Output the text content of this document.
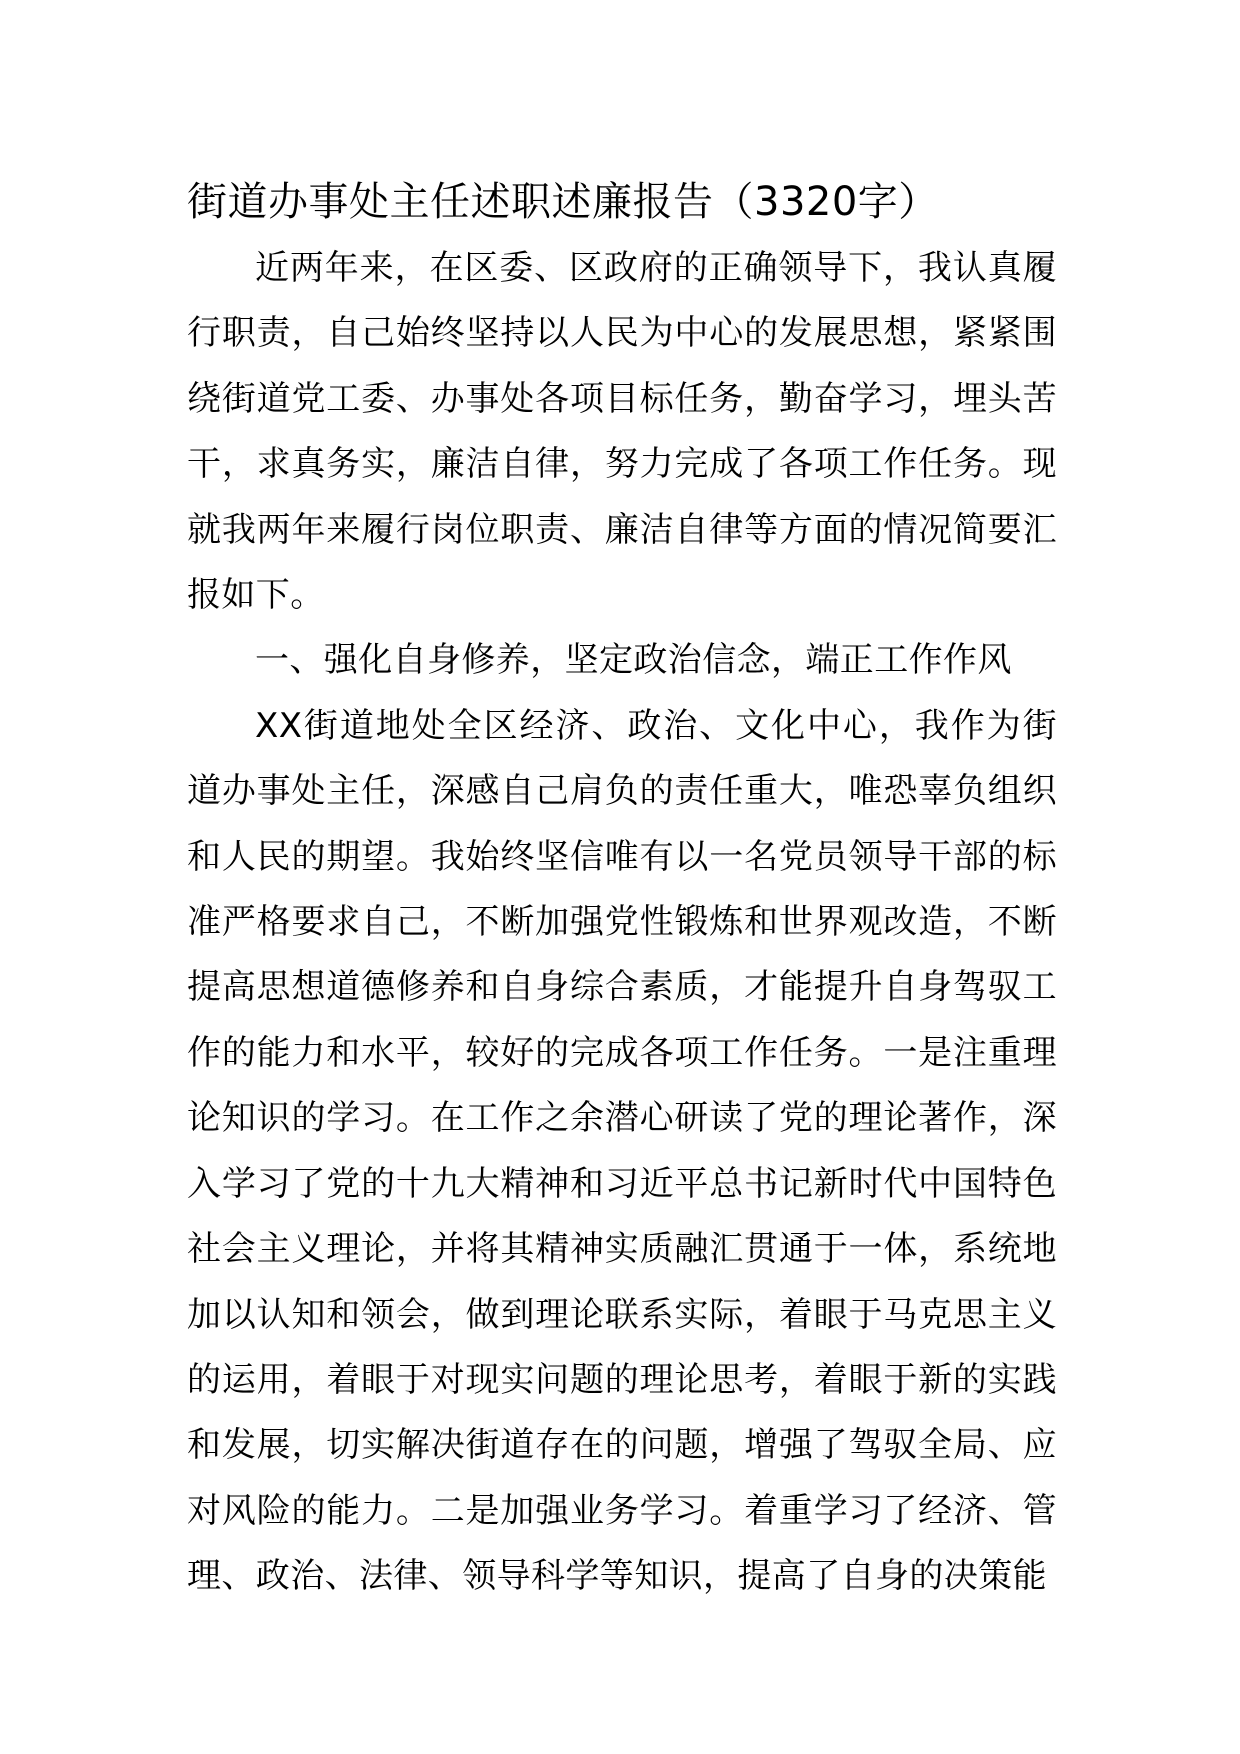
街道办事处主任述职述廉报告（3320字）

近两年来，在区委、区政府的正确领导下，我认真履行职责，自己始终坚持以人民为中心的发展思想，紧紧围绕街道党工委、办事处各项目标任务，勤奋学习，埋头苦干，求真务实，廉洁自律，努力完成了各项工作任务。现就我两年来履行岗位职责、廉洁自律等方面的情况简要汇报如下。

一、强化自身修养，坚定政治信念，端正工作作风

XX街道地处全区经济、政治、文化中心，我作为街道办事处主任，深感自己肩负的责任重大，唯恐辜负组织和人民的期望。我始终坚信唯有以一名党员领导干部的标准严格要求自己，不断加强党性锻炼和世界观改造，不断提高思想道德修养和自身综合素质，才能提升自身驾驭工作的能力和水平，较好的完成各项工作任务。一是注重理论知识的学习。在工作之余潜心研读了党的理论著作，深入学习了党的十九大精神和习近平总书记新时代中国特色社会主义理论，并将其精神实质融汇贯通于一体，系统地加以认知和领会，做到理论联系实际，着眼于马克思主义的运用，着眼于对现实问题的理论思考，着眼于新的实践和发展，切实解决街道存在的问题，增强了驾驭全局、应对风险的能力。二是加强业务学习。着重学习了经济、管理、政治、法律、领导科学等知识，提高了自身的决策能
